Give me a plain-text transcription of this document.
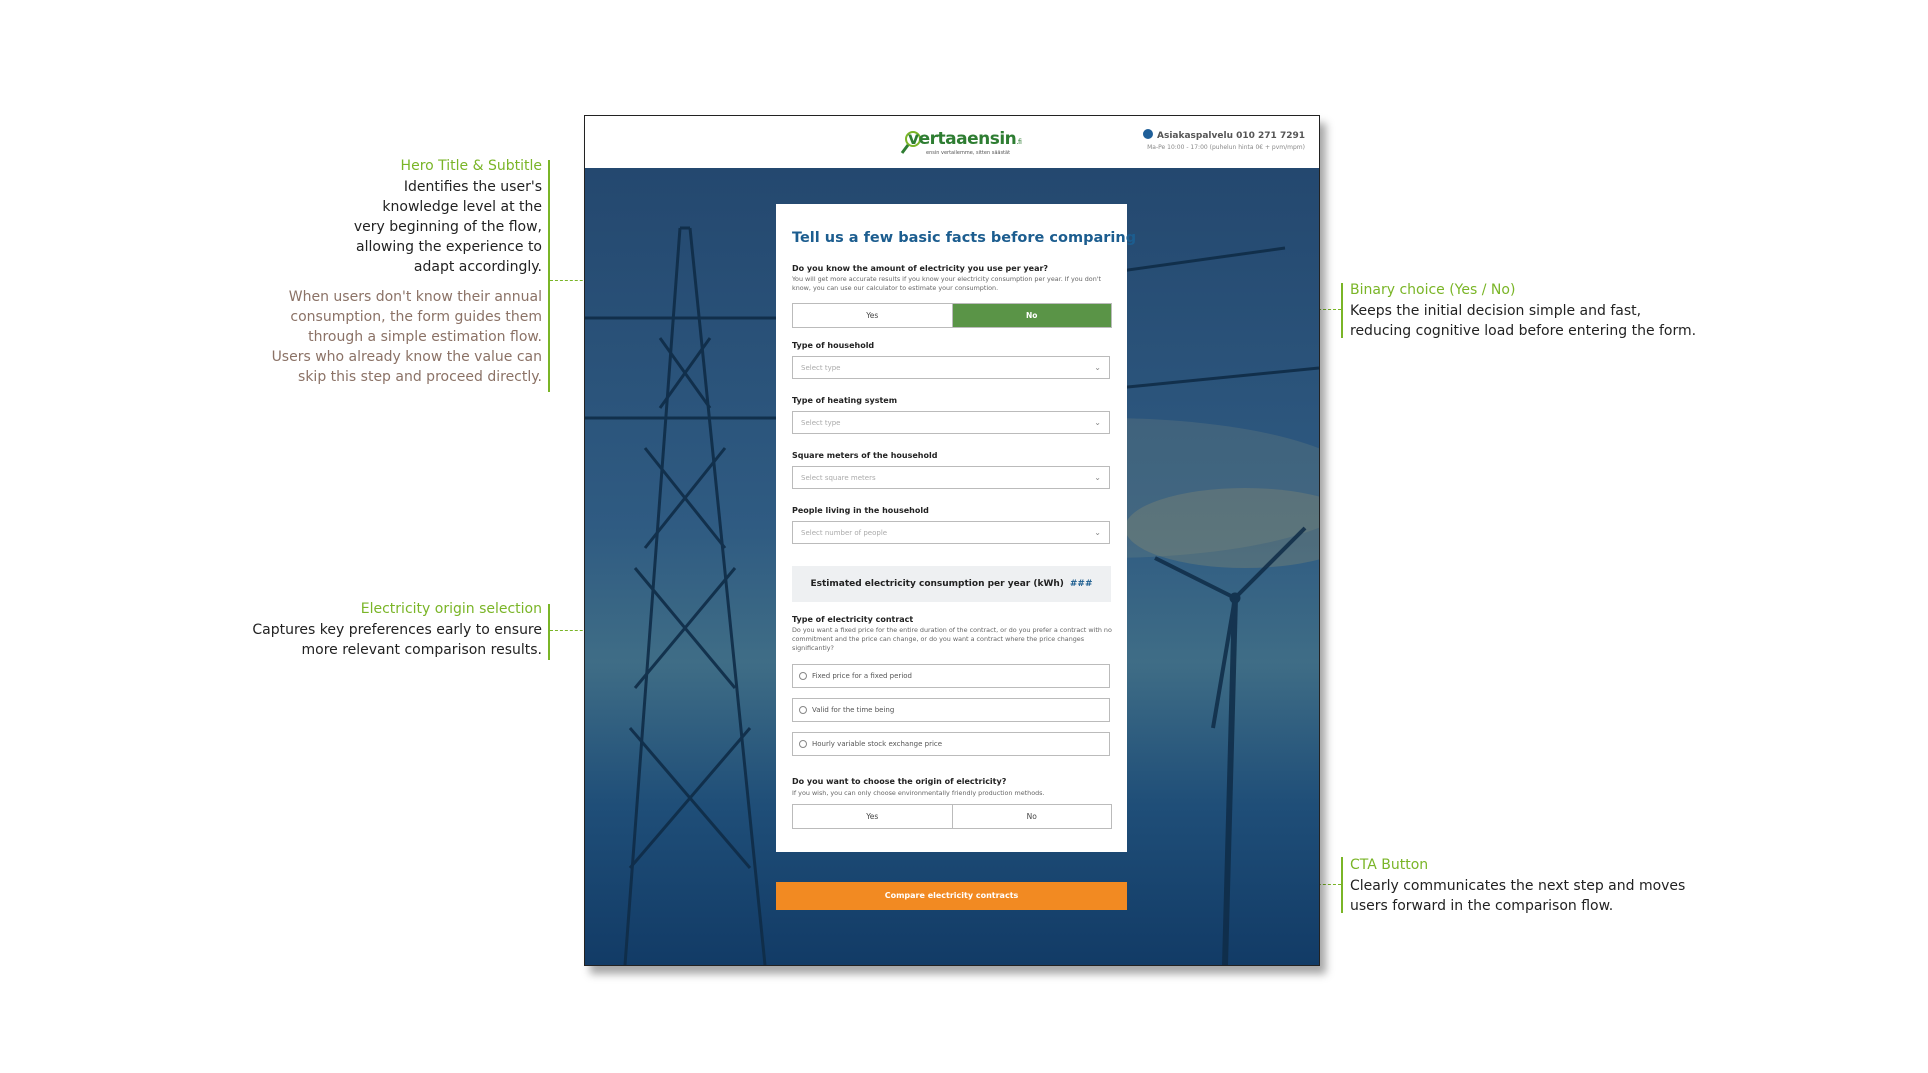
Hero Title & Subtitle
Identifies the user's
knowledge level at the
very beginning of the flow,
allowing the experience to
adapt accordingly.
When users don't know their annual
consumption, the form guides them
through a simple estimation flow.
Users who already know the value can
skip this step and proceed directly.
Electricity origin selection
Captures key preferences early to ensure
more relevant comparison results.
Binary choice (Yes / No)
Keeps the initial decision simple and fast,
reducing cognitive load before entering the form.
CTA Button
Clearly communicates the next step and moves
users forward in the comparison flow.
vertaaensin.fi
ensin vertailemme, sitten säästät
Asiakaspalvelu 010 271 7291
Ma-Pe 10:00 - 17:00 (puhelun hinta 0€ + pvm/mpm)
Tell us a few basic facts before comparing
Do you know the amount of electricity you use per year?
You will get more accurate results if you know your electricity consumption per year. If you don't know, you can use our calculator to estimate your consumption.
Yes	No
Type of household
Select type	⌄
Type of heating system
Select type	⌄
Square meters of the household
Select square meters	⌄
People living in the household
Select number of people	⌄
Estimated electricity consumption per year (kWh) ###
Type of electricity contract
Do you want a fixed price for the entire duration of the contract, or do you prefer a contract with no commitment and the price can change, or do you want a contract where the price changes significantly?
Fixed price for a fixed period
Valid for the time being
Hourly variable stock exchange price
Do you want to choose the origin of electricity?
If you wish, you can only choose environmentally friendly production methods.
Yes	No
Compare electricity contracts
